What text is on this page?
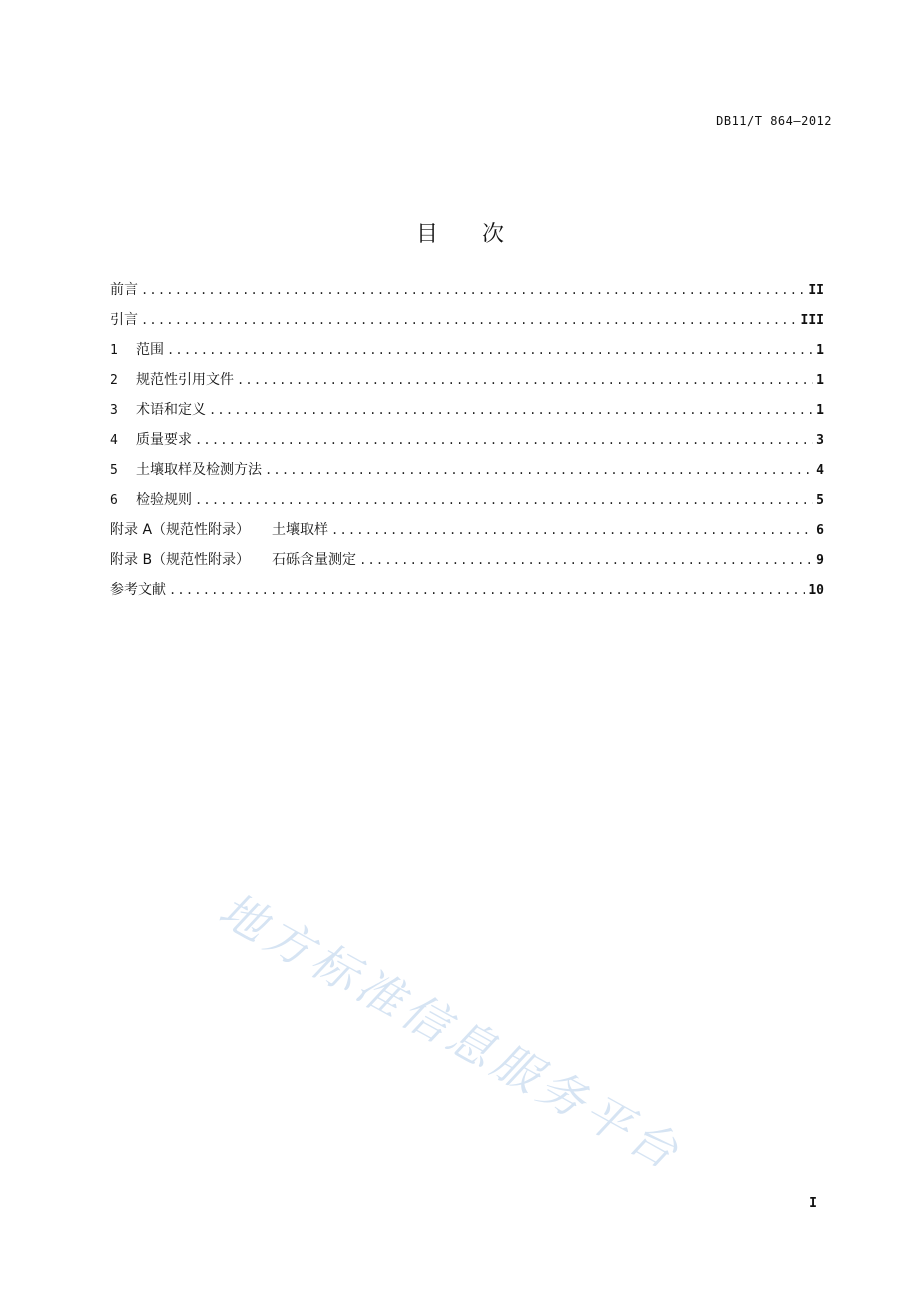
DB11/T 864—2012
目 次
前言 .....	II
引言 .....	III
1	范围 .....	1
2	规范性引用文件 .....	1
3	术语和定义 .....	1
4	质量要求 .....	3
5	土壤取样及检测方法 .....	4
6	检验规则 .....	5
附录 A（规范性附录） 土壤取样 .....	6
附录 B（规范性附录） 石砾含量测定 .....	9
参考文献 .....	10
地方标准信息服务平台
I
